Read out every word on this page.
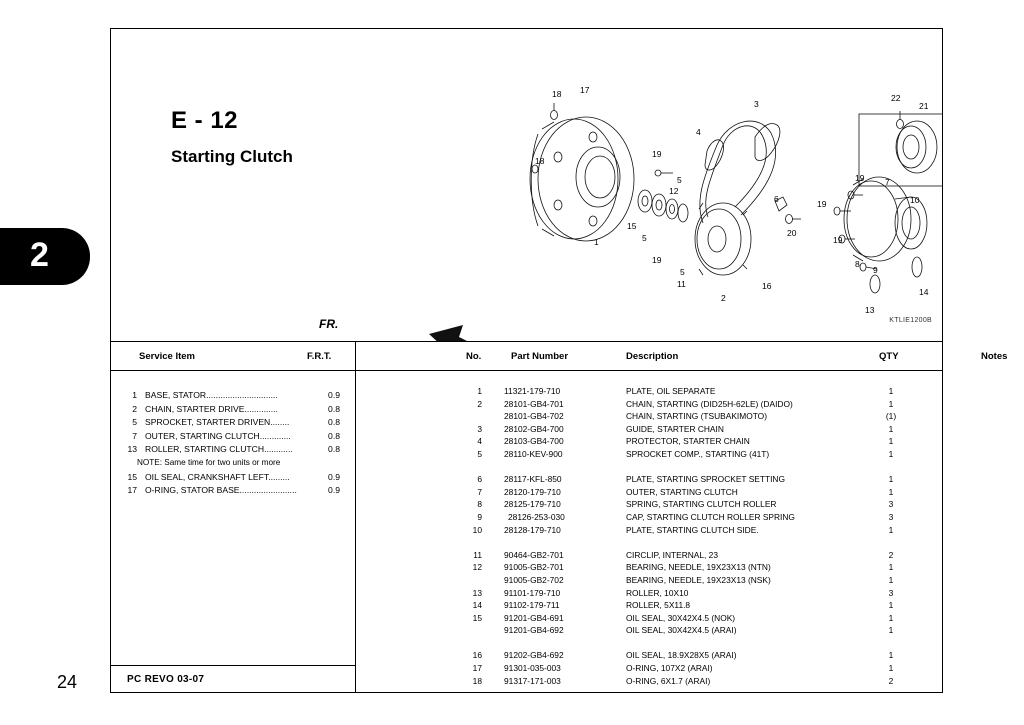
2
24
E - 12
Starting Clutch
18 17
3
4
22
21
18
19
7
19
10
19
19
1
15
5
19
12
5
6
20
8
9
5
11
2
16
13
14
FR.	KTLIE1200B
Service Item	F.R.T.
1 BASE, STATOR..............................	0.9
2 CHAIN, STARTER DRIVE..............	0.8
5 SPROCKET, STARTER DRIVEN........	0.8
7 OUTER, STARTING CLUTCH.............	0.8
13 ROLLER, STARTING CLUTCH............	0.8
NOTE: Same time for two units or more
15 OIL SEAL, CRANKSHAFT LEFT.........	0.9
17 O-RING, STATOR BASE........................	0.9
PC REVO 03-07
No.	Part Number	Description	QTY	Notes
1	11321-179-710	PLATE, OIL SEPARATE	1
2	28101-GB4-701	CHAIN, STARTING (DID25H-62LE) (DAIDO)	1
28101-GB4-702	CHAIN, STARTING (TSUBAKIMOTO)	(1)
3	28102-GB4-700	GUIDE, STARTER CHAIN	1
4	28103-GB4-700	PROTECTOR, STARTER CHAIN	1
5	28110-KEV-900	SPROCKET COMP., STARTING (41T)	1
6	28117-KFL-850	PLATE, STARTING SPROCKET SETTING	1
7	28120-179-710	OUTER, STARTING CLUTCH	1
8	28125-179-710	SPRING, STARTING CLUTCH ROLLER	3
9	28126-253-030	CAP, STARTING CLUTCH ROLLER SPRING	3
10	28128-179-710	PLATE, STARTING CLUTCH SIDE.	1
11	90464-GB2-701	CIRCLIP, INTERNAL, 23	2
12	91005-GB2-701	BEARING, NEEDLE, 19X23X13 (NTN)	1
91005-GB2-702	BEARING, NEEDLE, 19X23X13 (NSK)	1
13	91101-179-710	ROLLER, 10X10	3
14	91102-179-711	ROLLER, 5X11.8	1
15	91201-GB4-691	OIL SEAL, 30X42X4.5 (NOK)	1
91201-GB4-692	OIL SEAL, 30X42X4.5 (ARAI)	1
16	91202-GB4-692	OIL SEAL, 18.9X28X5 (ARAI)	1
17	91301-035-003	O-RING, 107X2 (ARAI)	1
18	91317-171-003	O-RING, 6X1.7 (ARAI)	2
